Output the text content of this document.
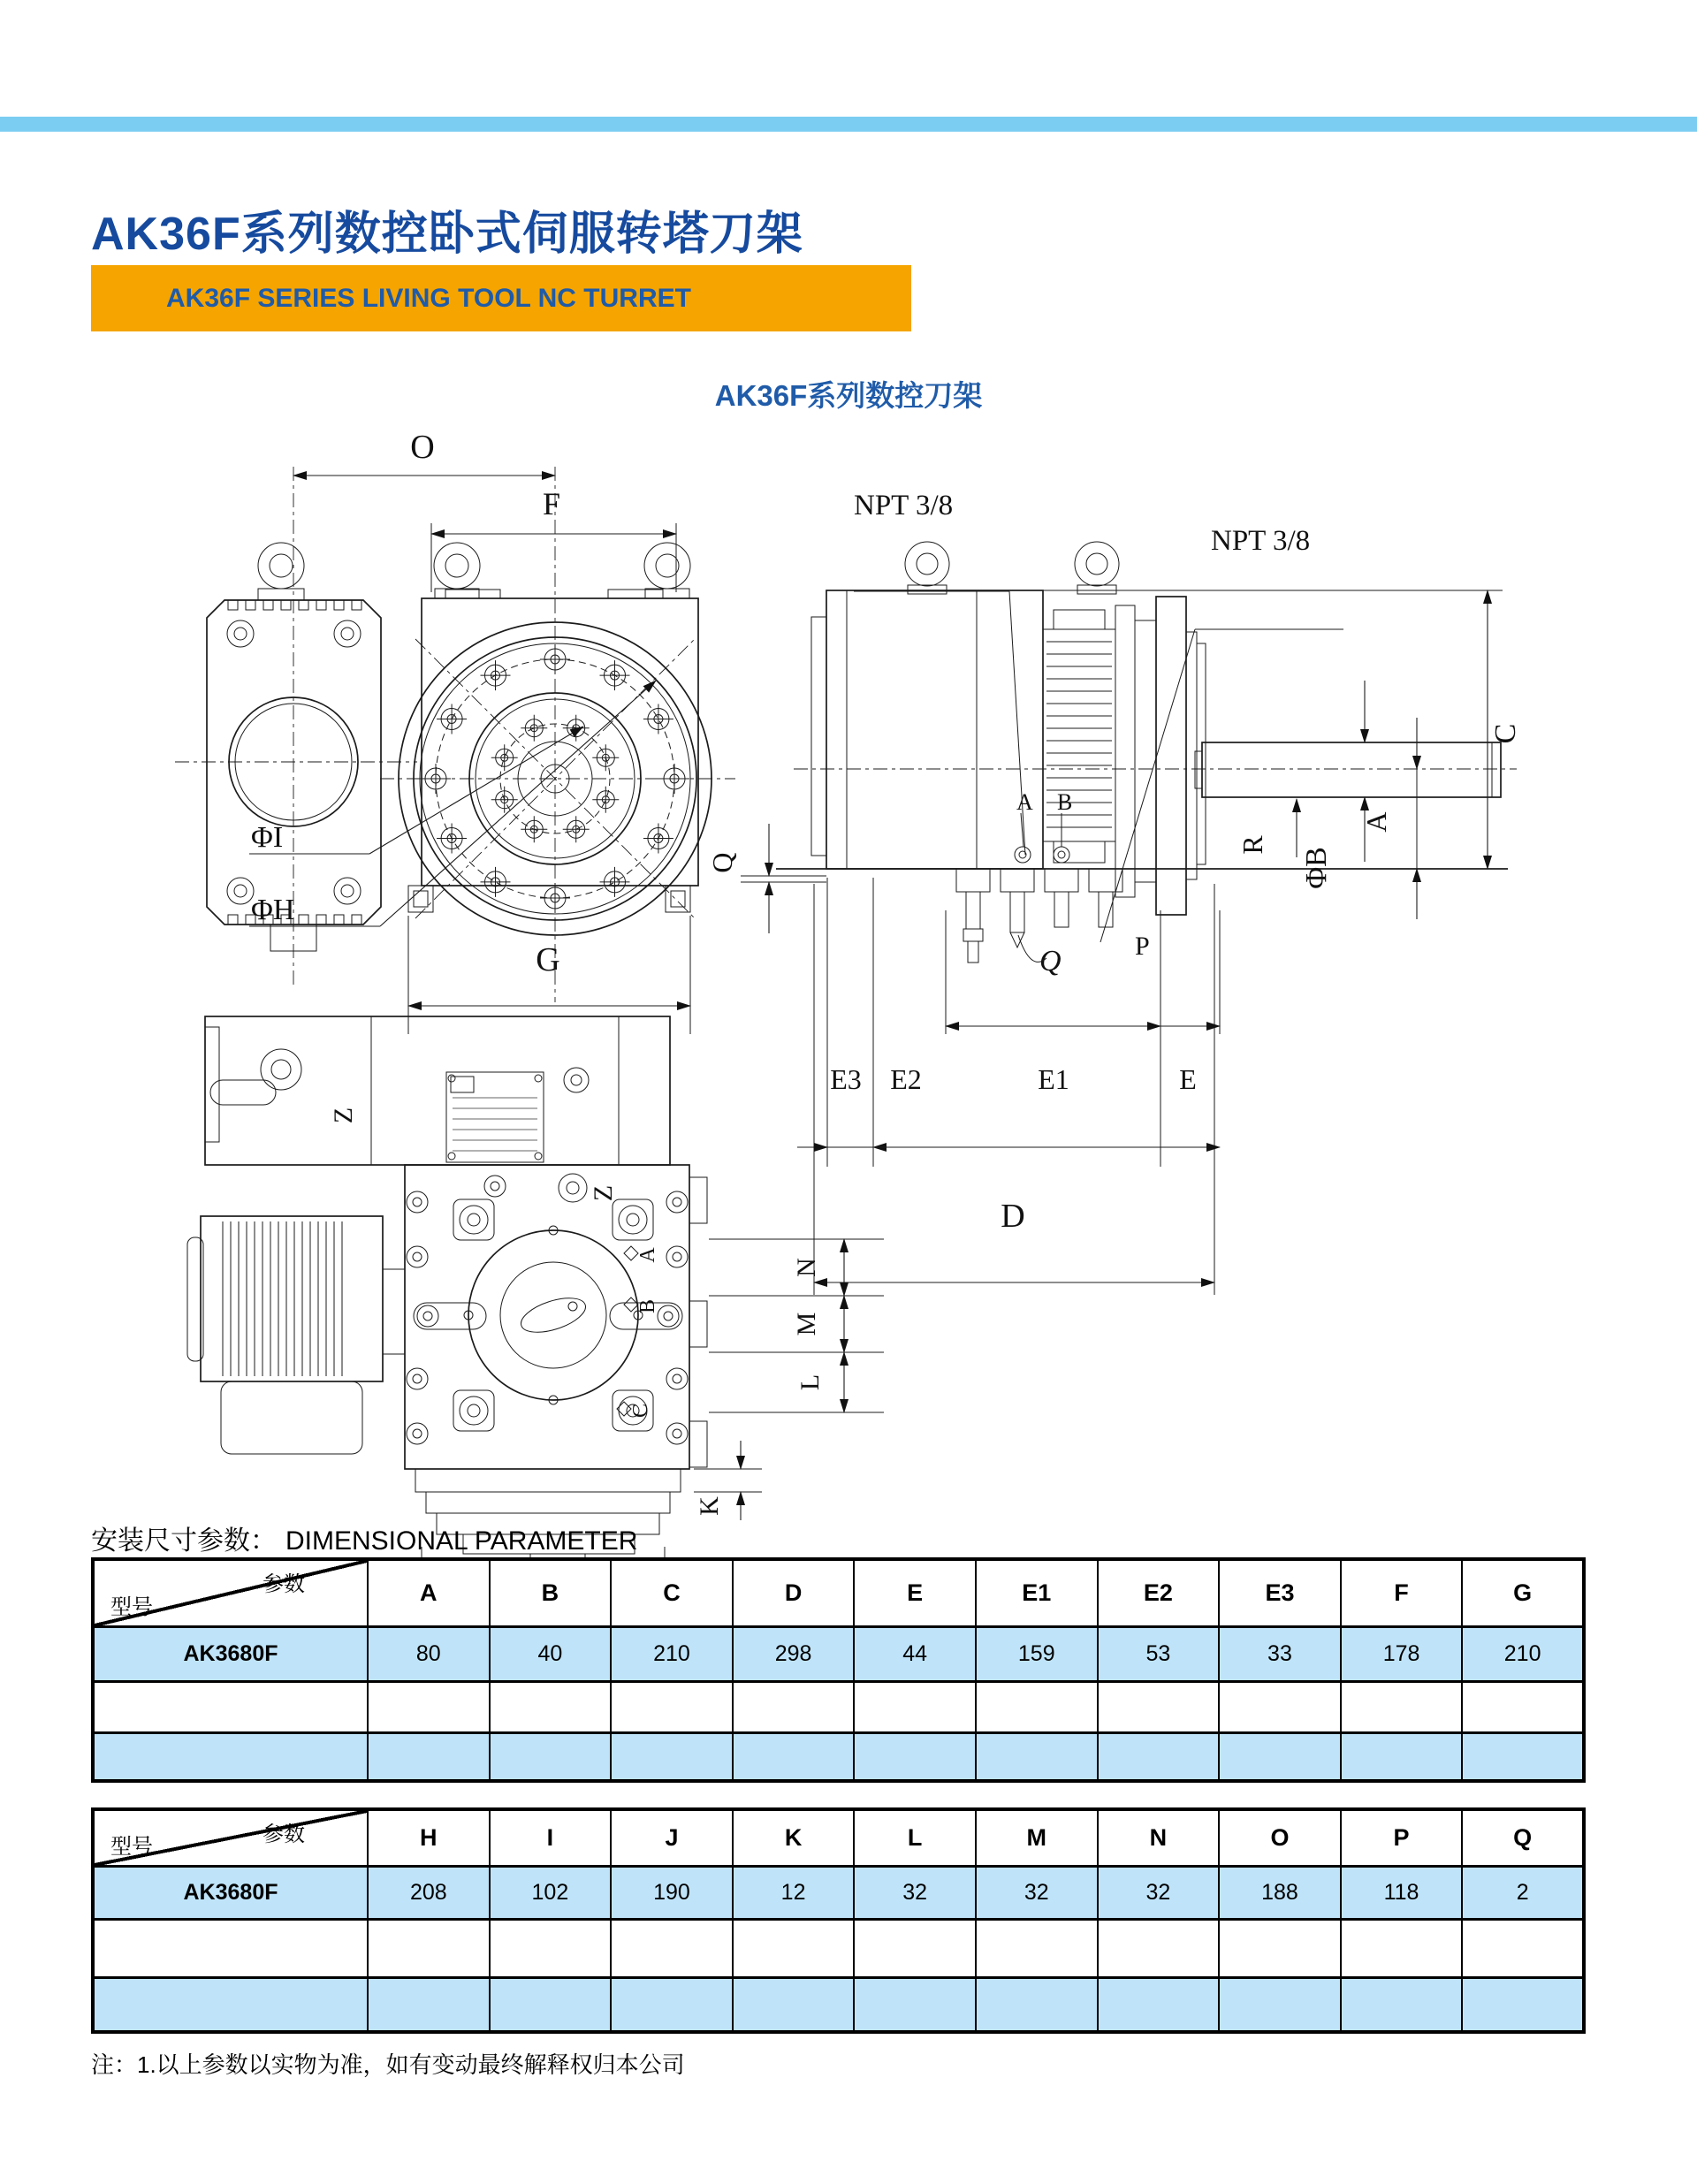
AK36F系列数控卧式伺服转塔刀架
AK36F SERIES LIVING TOOL NC TURRET
AK36F系列数控刀架
O
F
ΦH
ΦI
G
A B
NPT 3/8
NPT 3/8
ΦB
A
C
R
Q
Q	P
E3 E2	E1	E
D
Z
Z
A
B
C
N
M
L
K
安装尺寸参数： DIMENSIONAL PARAMETER
参数
型号	A	B	C	D	E	E1	E2	E3	F	G
AK3680F	80	40	210	298	44	159	53	33	178	210

参数
型号	H	I	J	K	L	M	N	O	P	Q
AK3680F	208	102	190	12	32	32	32	188	118	2

注：1.以上参数以实物为准，如有变动最终解释权归本公司
